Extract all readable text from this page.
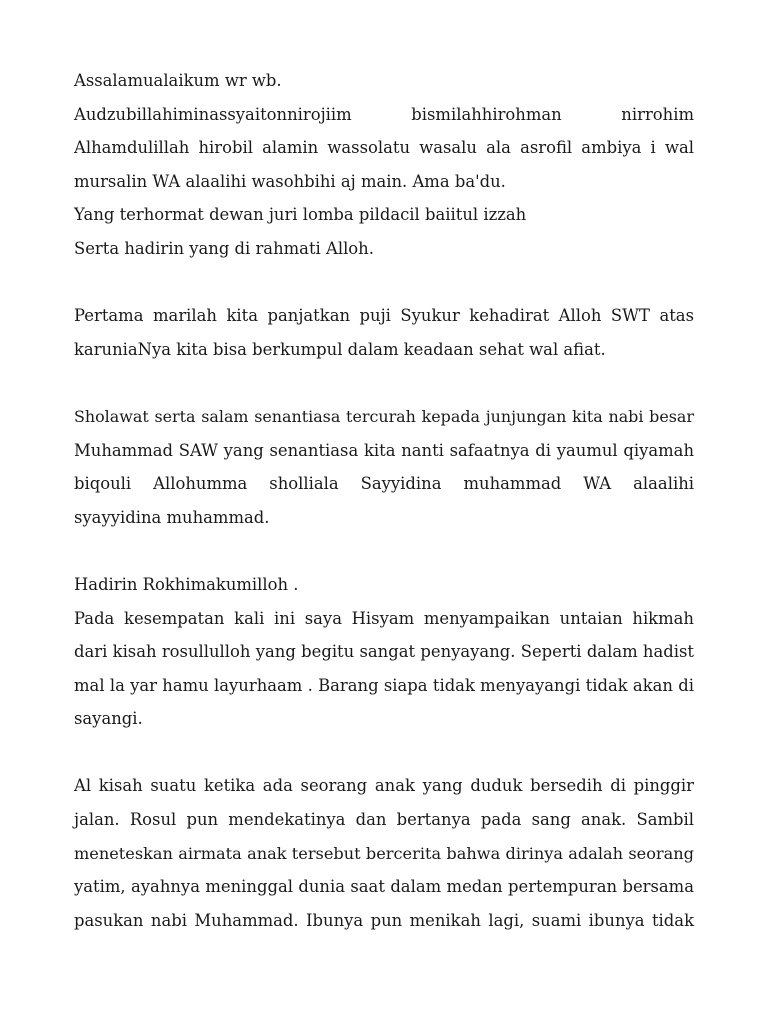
Assalamualaikum wr wb.
Audzubillahiminassyaitonnirojiim bismilahhirohman nirrohim
Alhamdulillah hirobil alamin wassolatu wasalu ala asrofil ambiya i wal
mursalin WA alaalihi wasohbihi aj main. Ama ba'du.
Yang terhormat dewan juri lomba pildacil baiitul izzah
Serta hadirin yang di rahmati Alloh.

Pertama marilah kita panjatkan puji Syukur kehadirat Alloh SWT atas
karuniaNya kita bisa berkumpul dalam keadaan sehat wal afiat.

Sholawat serta salam senantiasa tercurah kepada junjungan kita nabi besar
Muhammad SAW yang senantiasa kita nanti safaatnya di yaumul qiyamah
biqouli Allohumma sholliala Sayyidina muhammad WA alaalihi
syayyidina muhammad.

Hadirin Rokhimakumilloh .
Pada kesempatan kali ini saya Hisyam menyampaikan untaian hikmah
dari kisah rosullulloh yang begitu sangat penyayang. Seperti dalam hadist
mal la yar hamu layurhaam . Barang siapa tidak menyayangi tidak akan di
sayangi.

Al kisah suatu ketika ada seorang anak yang duduk bersedih di pinggir
jalan. Rosul pun mendekatinya dan bertanya pada sang anak. Sambil
meneteskan airmata anak tersebut bercerita bahwa dirinya adalah seorang
yatim, ayahnya meninggal dunia saat dalam medan pertempuran bersama
pasukan nabi Muhammad. Ibunya pun menikah lagi, suami ibunya tidak
